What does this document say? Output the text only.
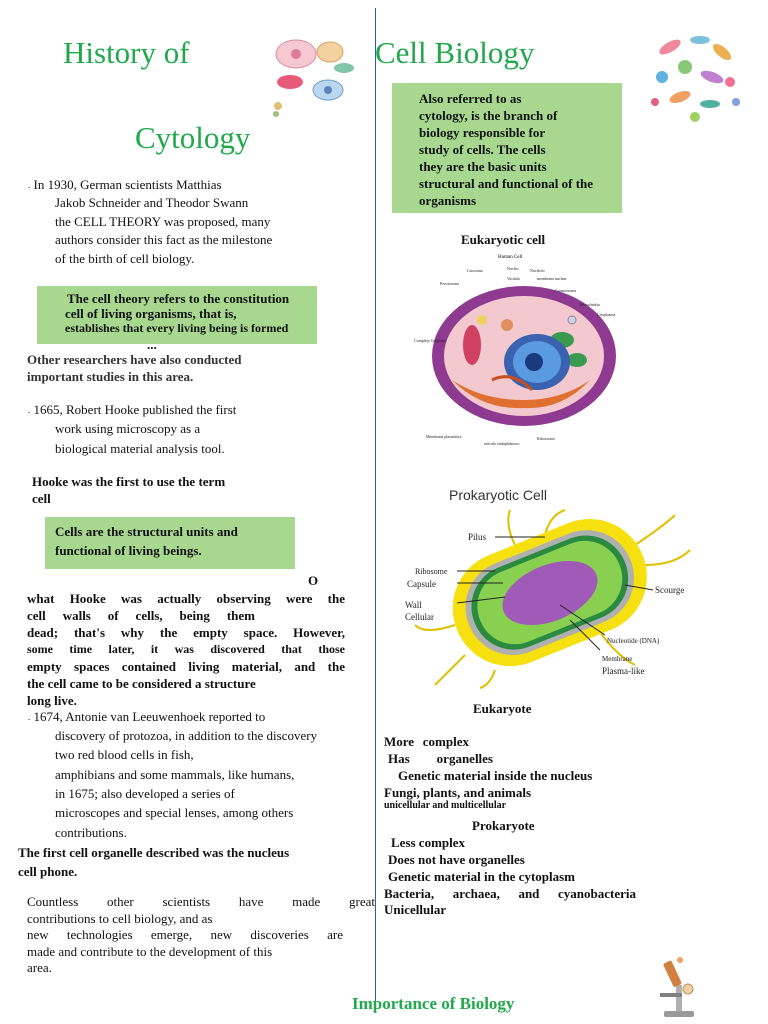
History of	Cell Biology
Cytology
Also referred to as
cytology, is the branch of
biology responsible for
study of cells. The cells
they are the basic units
structural and functional of the
organisms
. In 1930, German scientists Matthias
Jakob Schneider and Theodor Swann
the CELL THEORY was proposed, many
authors consider this fact as the milestone
of the birth of cell biology.
The cell theory refers to the constitution
cell of living organisms, that is,
establishes that every living being is formed
...
Other researchers have also conducted
important studies in this area.
. 1665, Robert Hooke published the first
work using microscopy as a
biological material analysis tool.
Hooke was the first to use the term
cell
Cells are the structural units and
functional of living beings.
O
what Hooke was actually observing were the
cell walls of cells, being them
dead; that's why the empty space. However,
some time later, it was discovered that those
empty spaces contained living material, and the
the cell came to be considered a structure
long live.
. 1674, Antonie van Leeuwenhoek reported to
discovery of protozoa, in addition to the discovery
two red blood cells in fish,
amphibians and some mammals, like humans,
in 1675; also developed a series of
microscopes and special lenses, among others
contributions.
The first cell organelle described was the nucleus
cell phone.
Countless other scientists have made great
contributions to cell biology, and as
new technologies emerge, new discoveries are
made and contribute to the development of this
area.
Eukaryotic cell
Human Cell
Nucleo
Lisosoma
Peroxisoma
Vacúolo
Nucleolo
membrana nuclear
Cromossoma
Mitocôndria
Citoplasma
Complejo Golgiano
Membrana plasmática
retículo endoplásmico
Ribossomo
Prokaryotic Cell
Pilus
Ribosome
Capsule
Wall
Cellular
Scourge
Nucleotide (DNA)
Membrane
Plasma-like
Eukaryote
More complex
Has organelles
Genetic material inside the nucleus
Fungi, plants, and animals
unicellular and multicellular
Prokaryote
Less complex
Does not have organelles
Genetic material in the cytoplasm
Bacteria, archaea, and cyanobacteria
Unicellular
Importance of Biology
